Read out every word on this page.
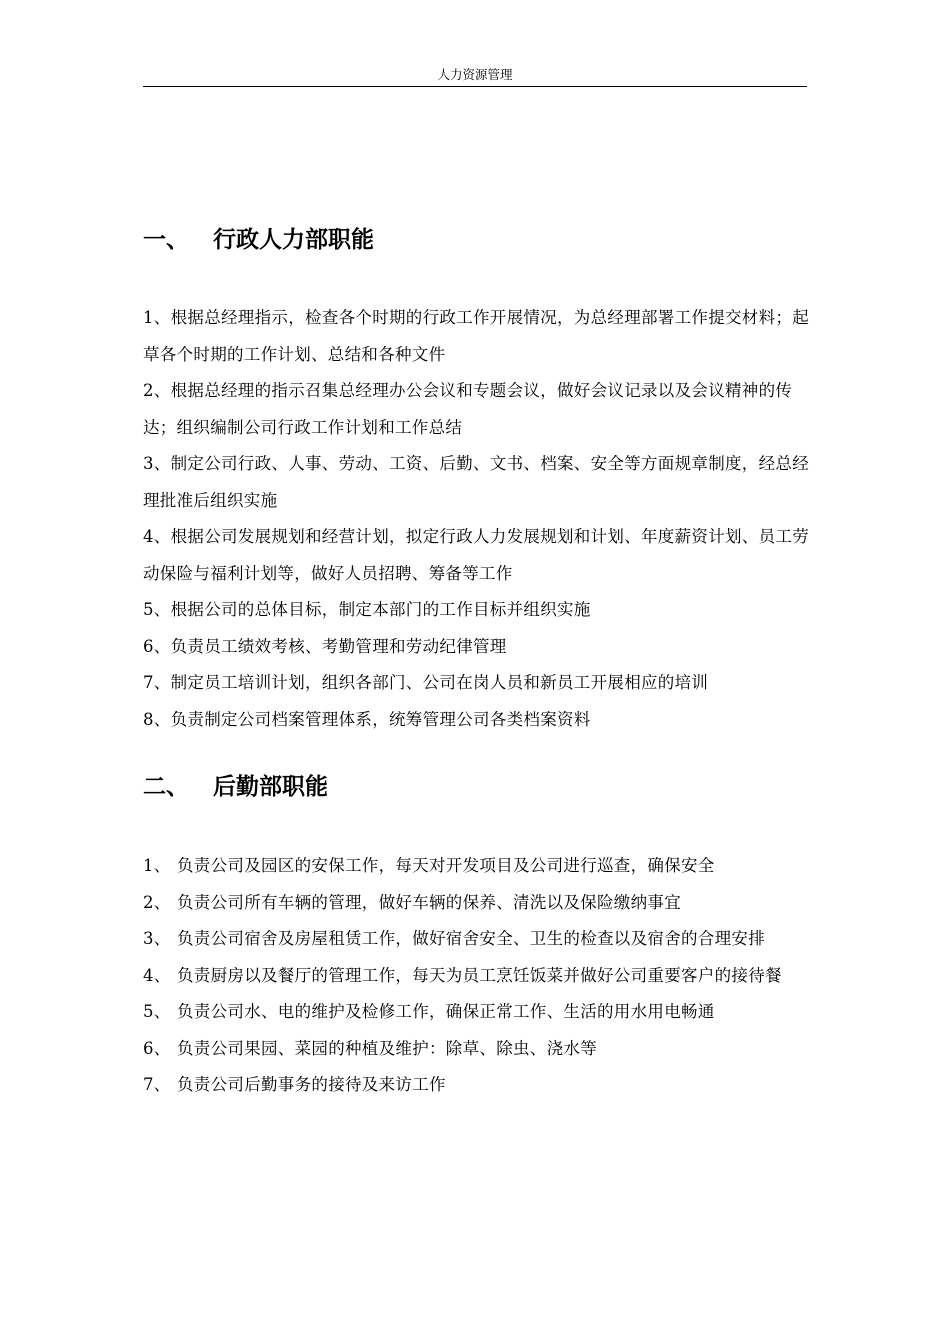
人力资源管理
一、	行政人力部职能

1、根据总经理指示，检查各个时期的行政工作开展情况，为总经理部署工作提交材料；起草各个时期的工作计划、总结和各种文件

2、根据总经理的指示召集总经理办公会议和专题会议，做好会议记录以及会议精神的传达；组织编制公司行政工作计划和工作总结

3、制定公司行政、人事、劳动、工资、后勤、文书、档案、安全等方面规章制度，经总经理批准后组织实施

4、根据公司发展规划和经营计划，拟定行政人力发展规划和计划、年度薪资计划、员工劳动保险与福利计划等，做好人员招聘、筹备等工作

5、根据公司的总体目标，制定本部门的工作目标并组织实施

6、负责员工绩效考核、考勤管理和劳动纪律管理

7、制定员工培训计划，组织各部门、公司在岗人员和新员工开展相应的培训

8、负责制定公司档案管理体系，统筹管理公司各类档案资料

二、	后勤部职能
1、 负责公司及园区的安保工作，每天对开发项目及公司进行巡查，确保安全
2、 负责公司所有车辆的管理，做好车辆的保养、清洗以及保险缴纳事宜
3、 负责公司宿舍及房屋租赁工作，做好宿舍安全、卫生的检查以及宿舍的合理安排
4、 负责厨房以及餐厅的管理工作，每天为员工烹饪饭菜并做好公司重要客户的接待餐
5、 负责公司水、电的维护及检修工作，确保正常工作、生活的用水用电畅通
6、 负责公司果园、菜园的种植及维护：除草、除虫、浇水等
7、 负责公司后勤事务的接待及来访工作
